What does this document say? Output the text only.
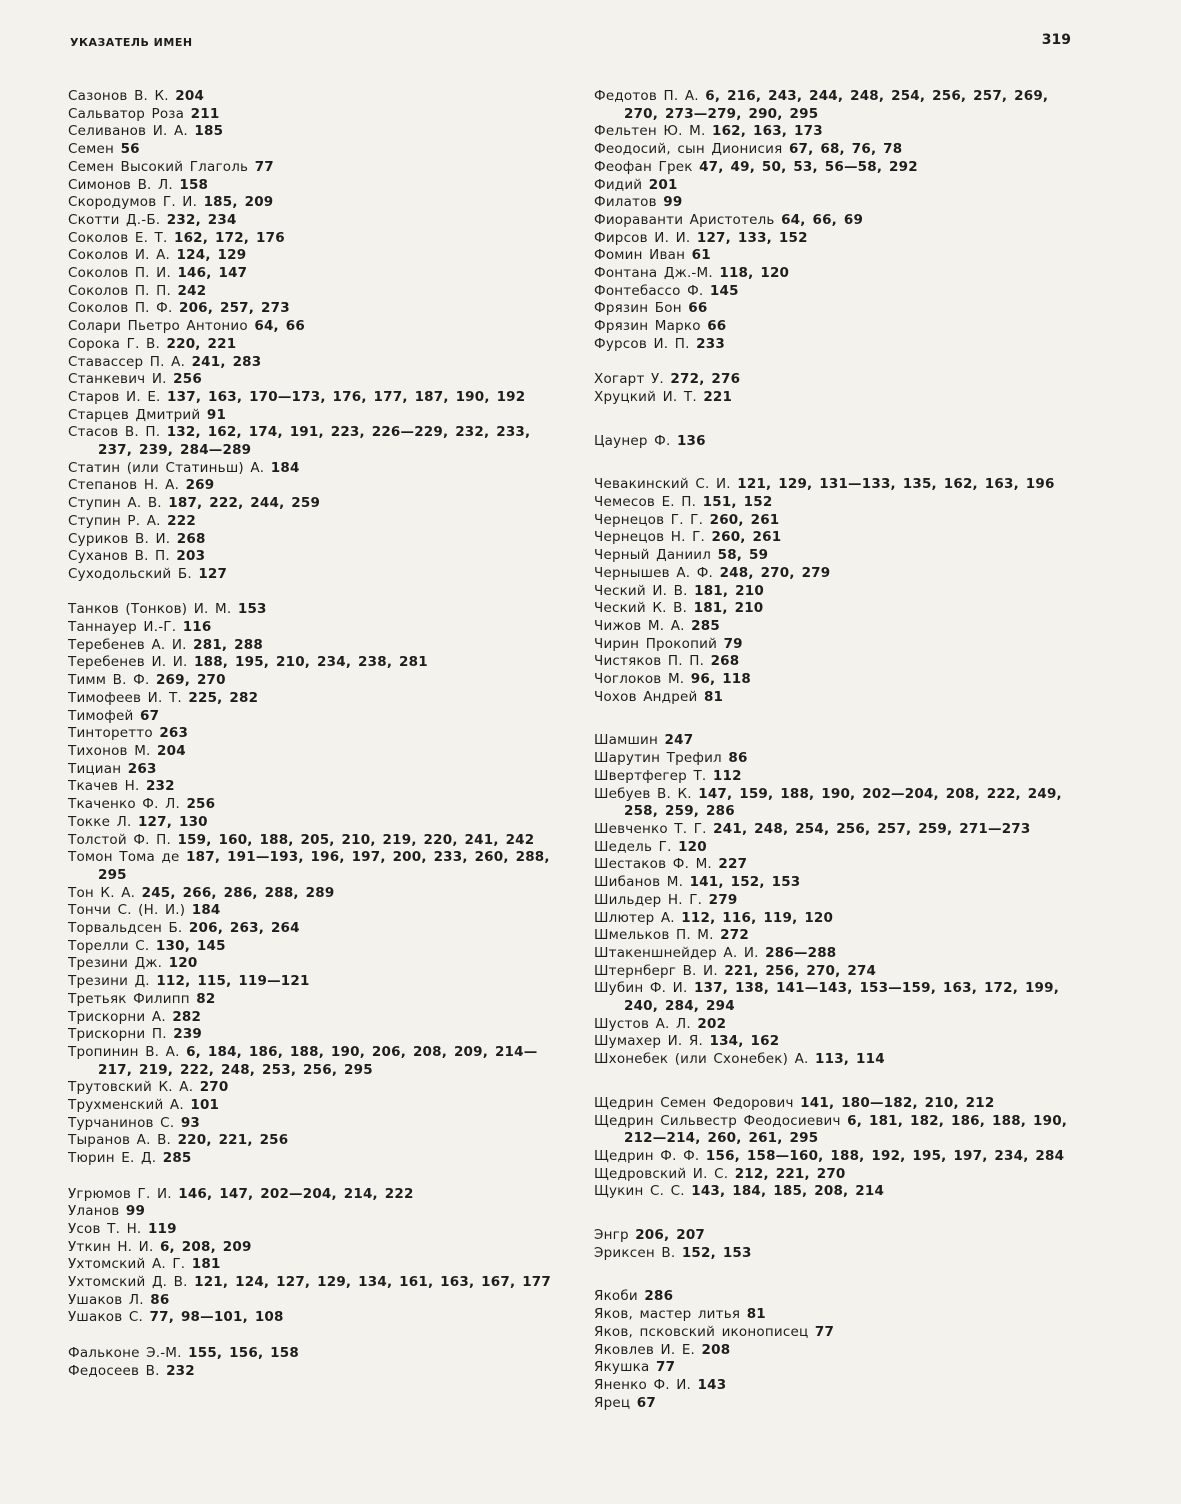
УКАЗАТЕЛЬ ИМЕН	319
Сазонов В. К. 204
Сальватор Роза 211
Селиванов И. А. 185
Семен 56
Семен Высокий Глаголь 77
Симонов В. Л. 158
Скородумов Г. И. 185, 209
Скотти Д.-Б. 232, 234
Соколов Е. Т. 162, 172, 176
Соколов И. А. 124, 129
Соколов П. И. 146, 147
Соколов П. П. 242
Соколов П. Ф. 206, 257, 273
Солари Пьетро Антонио 64, 66
Сорока Г. В. 220, 221
Ставассер П. А. 241, 283
Станкевич И. 256
Старов И. Е. 137, 163, 170—173, 176, 177, 187, 190, 192
Старцев Дмитрий 91
Стасов В. П. 132, 162, 174, 191, 223, 226—229, 232, 233, 237, 239, 284—289
Статин (или Статиньш) А. 184
Степанов Н. А. 269
Ступин А. В. 187, 222, 244, 259
Ступин Р. А. 222
Суриков В. И. 268
Суханов В. П. 203
Суходольский Б. 127
Танков (Тонков) И. М. 153
Таннауер И.-Г. 116
Теребенев А. И. 281, 288
Теребенев И. И. 188, 195, 210, 234, 238, 281
Тимм В. Ф. 269, 270
Тимофеев И. Т. 225, 282
Тимофей 67
Тинторетто 263
Тихонов М. 204
Тициан 263
Ткачев Н. 232
Ткаченко Ф. Л. 256
Токке Л. 127, 130
Толстой Ф. П. 159, 160, 188, 205, 210, 219, 220, 241, 242
Томон Тома де 187, 191—193, 196, 197, 200, 233, 260, 288, 295
Тон К. А. 245, 266, 286, 288, 289
Тончи С. (Н. И.) 184
Торвальдсен Б. 206, 263, 264
Торелли С. 130, 145
Трезини Дж. 120
Трезини Д. 112, 115, 119—121
Третьяк Филипп 82
Трискорни А. 282
Трискорни П. 239
Тропинин В. А. 6, 184, 186, 188, 190, 206, 208, 209, 214—217, 219, 222, 248, 253, 256, 295
Трутовский К. А. 270
Трухменский А. 101
Турчанинов С. 93
Тыранов А. В. 220, 221, 256
Тюрин Е. Д. 285
Угрюмов Г. И. 146, 147, 202—204, 214, 222
Уланов 99
Усов Т. Н. 119
Уткин Н. И. 6, 208, 209
Ухтомский А. Г. 181
Ухтомский Д. В. 121, 124, 127, 129, 134, 161, 163, 167, 177
Ушаков Л. 86
Ушаков С. 77, 98—101, 108
Фальконе Э.-М. 155, 156, 158
Федосеев В. 232
Федотов П. А. 6, 216, 243, 244, 248, 254, 256, 257, 269, 270, 273—279, 290, 295
Фельтен Ю. М. 162, 163, 173
Феодосий, сын Дионисия 67, 68, 76, 78
Феофан Грек 47, 49, 50, 53, 56—58, 292
Фидий 201
Филатов 99
Фиораванти Аристотель 64, 66, 69
Фирсов И. И. 127, 133, 152
Фомин Иван 61
Фонтана Дж.-М. 118, 120
Фонтебассо Ф. 145
Фрязин Бон 66
Фрязин Марко 66
Фурсов И. П. 233
Хогарт У. 272, 276
Хруцкий И. Т. 221
Цаунер Ф. 136
Чевакинский С. И. 121, 129, 131—133, 135, 162, 163, 196
Чемесов Е. П. 151, 152
Чернецов Г. Г. 260, 261
Чернецов Н. Г. 260, 261
Черный Даниил 58, 59
Чернышев А. Ф. 248, 270, 279
Ческий И. В. 181, 210
Ческий К. В. 181, 210
Чижов М. А. 285
Чирин Прокопий 79
Чистяков П. П. 268
Чоглоков М. 96, 118
Чохов Андрей 81
Шамшин 247
Шарутин Трефил 86
Швертфегер Т. 112
Шебуев В. К. 147, 159, 188, 190, 202—204, 208, 222, 249, 258, 259, 286
Шевченко Т. Г. 241, 248, 254, 256, 257, 259, 271—273
Шедель Г. 120
Шестаков Ф. М. 227
Шибанов М. 141, 152, 153
Шильдер Н. Г. 279
Шлютер А. 112, 116, 119, 120
Шмельков П. М. 272
Штакеншнейдер А. И. 286—288
Штернберг В. И. 221, 256, 270, 274
Шубин Ф. И. 137, 138, 141—143, 153—159, 163, 172, 199, 240, 284, 294
Шустов А. Л. 202
Шумахер И. Я. 134, 162
Шхонебек (или Схонебек) А. 113, 114
Щедрин Семен Федорович 141, 180—182, 210, 212
Щедрин Сильвестр Феодосиевич 6, 181, 182, 186, 188, 190, 212—214, 260, 261, 295
Щедрин Ф. Ф. 156, 158—160, 188, 192, 195, 197, 234, 284
Щедровский И. С. 212, 221, 270
Щукин С. С. 143, 184, 185, 208, 214
Энгр 206, 207
Эриксен В. 152, 153
Якоби 286
Яков, мастер литья 81
Яков, псковский иконописец 77
Яковлев И. Е. 208
Якушка 77
Яненко Ф. И. 143
Ярец 67
